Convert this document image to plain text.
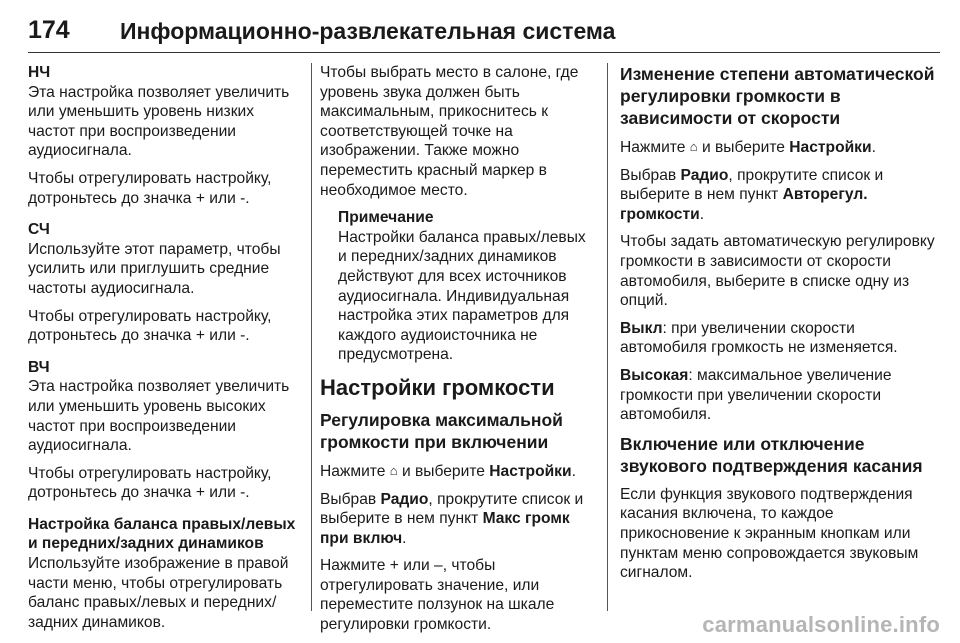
174 Информационно-развлекательная система
НЧ

Эта настройка позволяет увеличить или уменьшить уровень низких частот при воспроизведении аудиосигнала.

Чтобы отрегулировать настройку, дотроньтесь до значка + или -.

СЧ

Используйте этот параметр, чтобы усилить или приглушить средние частоты аудиосигнала.

Чтобы отрегулировать настройку, дотроньтесь до значка + или -.

ВЧ

Эта настройка позволяет увеличить или уменьшить уровень высоких частот при воспроизведении аудиосигнала.

Чтобы отрегулировать настройку, дотроньтесь до значка + или -.

Настройка баланса правых/левых и передних/задних динамиков

Используйте изображение в правой части меню, чтобы отрегулировать баланс правых/левых и передних/задних динамиков.

Чтобы выбрать место в салоне, где уровень звука должен быть максимальным, прикоснитесь к соответствующей точке на изображении. Также можно переместить красный маркер в необходимое место.

Примечание

Настройки баланса правых/левых и передних/задних динамиков действуют для всех источников аудиосигнала. Индивидуальная настройка этих параметров для каждого аудиоисточника не предусмотрена.

Настройки громкости
Регулировка максимальной громкости при включении

Нажмите ⌂ и выберите Настройки.

Выбрав Радио, прокрутите список и выберите в нем пункт Макс громк при включ.

Нажмите + или –, чтобы отрегулировать значение, или переместите ползунок на шкале регулировки громкости.

Изменение степени автоматической регулировки громкости в зависимости от скорости

Нажмите ⌂ и выберите Настройки.

Выбрав Радио, прокрутите список и выберите в нем пункт Авторегул. громкости.

Чтобы задать автоматическую регулировку громкости в зависимости от скорости автомобиля, выберите в списке одну из опций.

Выкл: при увеличении скорости автомобиля громкость не изменяется.

Высокая: максимальное увеличение громкости при увеличении скорости автомобиля.

Включение или отключение звукового подтверждения касания

Если функция звукового подтверждения касания включена, то каждое прикосновение к экранным кнопкам или пунктам меню сопровождается звуковым сигналом.

carmanualsonline.info
